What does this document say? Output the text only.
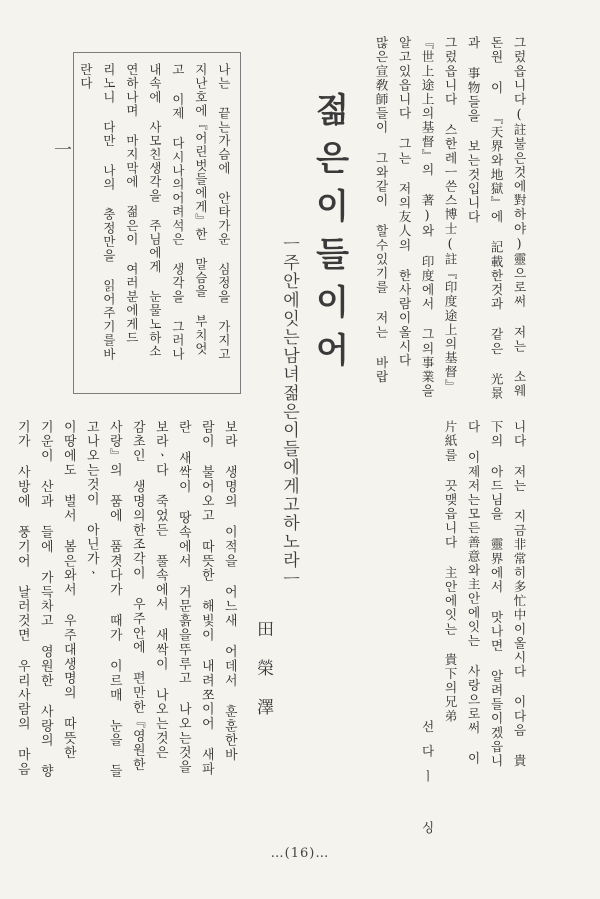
그렀읍니다(註불은것에對하야)靈으로써 저는 소웨
돈원 이 『天界와地獄』에 記載한것과 같은 光景
과 事物들을 보는것입니다
그렀읍니다 스한레ㅡ쓴스博士(註『印度途上의基督』
『世上途上의基督』의 著)와 印度에서 그의事業을
알고있읍니다 그는 저의友人의 한사람이올시다
많은宣敎師들이 그와같이 할수있기를 저는 바랍
젊은이들이어
ㅡ주안에잇는남녀젊은이들에게고하노라ㅡ
田榮澤
나는 끝는가슴에 안타가운 심정을 가지고
지난호에『어린벗들에게』한 말슴을 부치엇
고 이제 다시나의어려석은 생각을 그러나
내속에 사모친생각을 주님에게 눈물노하소
연하나며 마지막에 젊은이 여러분에게드
리노니 다만 나의 충정만을 읽어주기를바
란다
一
니다 저는 지금非常히多忙中이올시다 이다음 貴
下의 아드님을 靈界에서 맛나면 알려들이겠읍니
다 이제저는모든善意와主안에잇는 사랑으로써 이
片紙를 끗맺읍니다 主안에잇는 貴下의兄弟
선다ㅣ 싱
보라 생명의 이적을 어느새 어데서 훈훈한바
람이 불어오고 따뜻한 해빛이 내려쪼이어 새파
란 새싹이 땅속에서 거문흙을뚜루고 나오는것을
보라ㆍ다 죽었든 풀속에서 새싹이 나오는것은
감초인 생명의한조각이 우주안에 편만한『영원한
사랑』의 품에 품겻다가 때가 이르매 눈을 들
고나오는것이 아닌가ㆍ
이땅에도 벌서 봄은와서 우주대생명의 따뜻한
기운이 산과 들에 가득차고 영원한 사랑의 향
기가 사방에 풍기어 날러것면 우리사람의 마음
…(16)…
